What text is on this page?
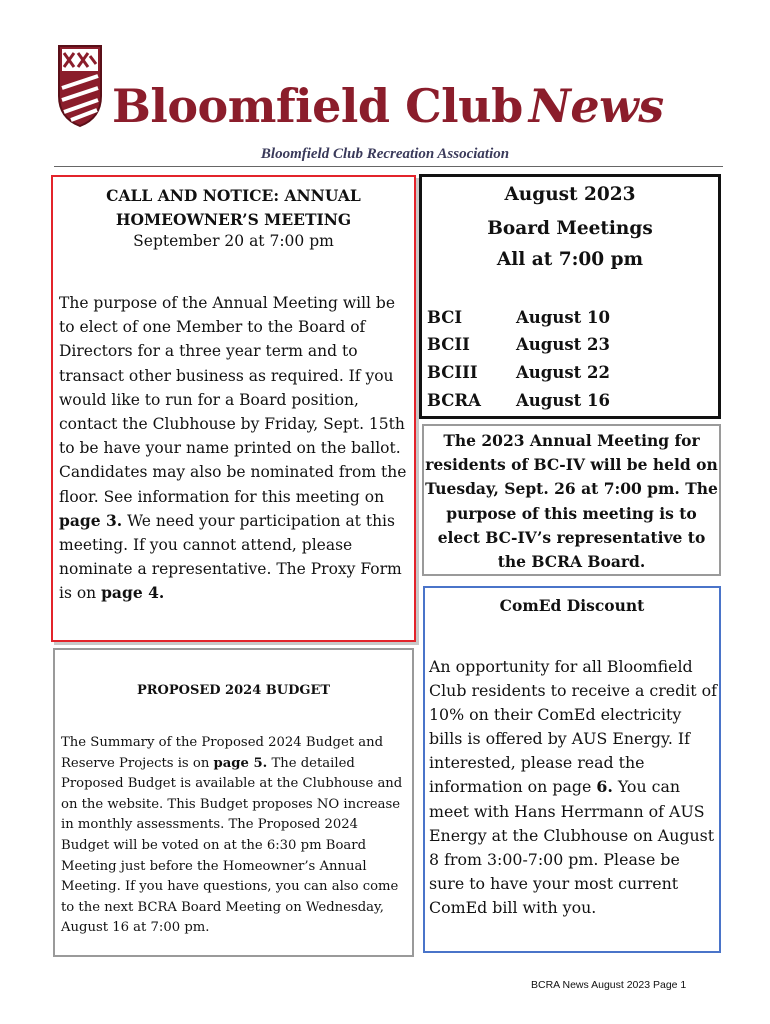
Bloomfield Club News
Bloomfield Club Recreation Association
CALL AND NOTICE: ANNUAL
HOMEOWNER’S MEETING
September 20 at 7:00 pm
The purpose of the Annual Meeting will be to elect of one Member to the Board of Directors for a three year term and to transact other business as required. If you would like to run for a Board position, contact the Clubhouse by Friday, Sept. 15th to be have your name printed on the ballot. Candidates may also be nominated from the floor. See information for this meeting on page 3. We need your participation at this meeting. If you cannot attend, please nominate a representative. The Proxy Form is on page 4.
August 2023
Board Meetings
All at 7:00 pm
BCI	August 10
BCII	August 23
BCIII August 22
BCRA August 16
The 2023 Annual Meeting for residents of BC-IV will be held on Tuesday, Sept. 26 at 7:00 pm. The purpose of this meeting is to elect BC-IV’s representative to the BCRA Board.
PROPOSED 2024 BUDGET
The Summary of the Proposed 2024 Budget and Reserve Projects is on page 5. The detailed Proposed Budget is available at the Clubhouse and on the website. This Budget proposes NO increase in monthly assessments. The Proposed 2024 Budget will be voted on at the 6:30 pm Board Meeting just before the Homeowner’s Annual Meeting. If you have questions, you can also come to the next BCRA Board Meeting on Wednesday, August 16 at 7:00 pm.
ComEd Discount
An opportunity for all Bloomfield Club residents to receive a credit of 10% on their ComEd electricity bills is offered by AUS Energy. If interested, please read the information on page 6. You can meet with Hans Herrmann of AUS Energy at the Clubhouse on August 8 from 3:00-7:00 pm. Please be sure to have your most current ComEd bill with you.
BCRA News August 2023 Page 1
